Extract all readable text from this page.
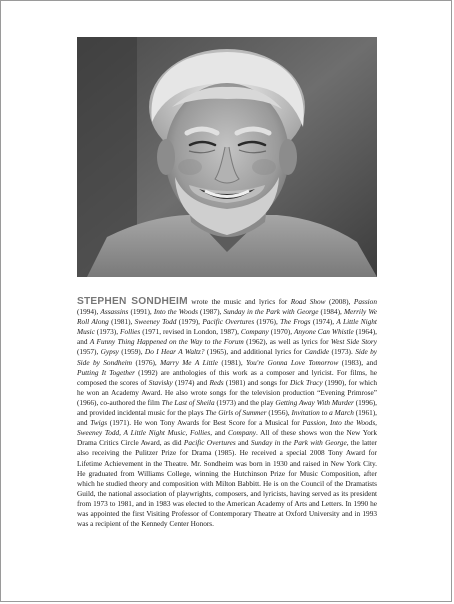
STEPHEN SONDHEIM wrote the music and lyrics for Road Show (2008), Passion (1994), Assassins (1991), Into the Woods (1987), Sunday in the Park with George (1984), Merrily We Roll Along (1981), Sweeney Todd (1979), Pacific Overtures (1976), The Frogs (1974), A Little Night Music (1973), Follies (1971, revised in London, 1987), Company (1970), Anyone Can Whistle (1964), and A Funny Thing Happened on the Way to the Forum (1962), as well as lyrics for West Side Story (1957), Gypsy (1959), Do I Hear A Waltz? (1965), and additional lyrics for Candide (1973). Side by Side by Sondheim (1976), Marry Me A Little (1981), You're Gonna Love Tomorrow (1983), and Putting It Together (1992) are anthologies of this work as a composer and lyricist. For films, he composed the scores of Stavisky (1974) and Reds (1981) and songs for Dick Tracy (1990), for which he won an Academy Award. He also wrote songs for the television production “Evening Primrose” (1966), co-authored the film The Last of Sheila (1973) and the play Getting Away With Murder (1996), and provided incidental music for the plays The Girls of Summer (1956), Invitation to a March (1961), and Twigs (1971). He won Tony Awards for Best Score for a Musical for Passion, Into the Woods, Sweeney Todd, A Little Night Music, Follies, and Company. All of these shows won the New York Drama Critics Circle Award, as did Pacific Overtures and Sunday in the Park with George, the latter also receiving the Pulitzer Prize for Drama (1985). He received a special 2008 Tony Award for Lifetime Achievement in the Theatre. Mr. Sondheim was born in 1930 and raised in New York City. He graduated from Williams College, winning the Hutchinson Prize for Music Composition, after which he studied theory and composition with Milton Babbitt. He is on the Council of the Dramatists Guild, the national association of playwrights, composers, and lyricists, having served as its president from 1973 to 1981, and in 1983 was elected to the American Academy of Arts and Letters. In 1990 he was appointed the first Visiting Professor of Contemporary Theatre at Oxford University and in 1993 was a recipient of the Kennedy Center Honors.
